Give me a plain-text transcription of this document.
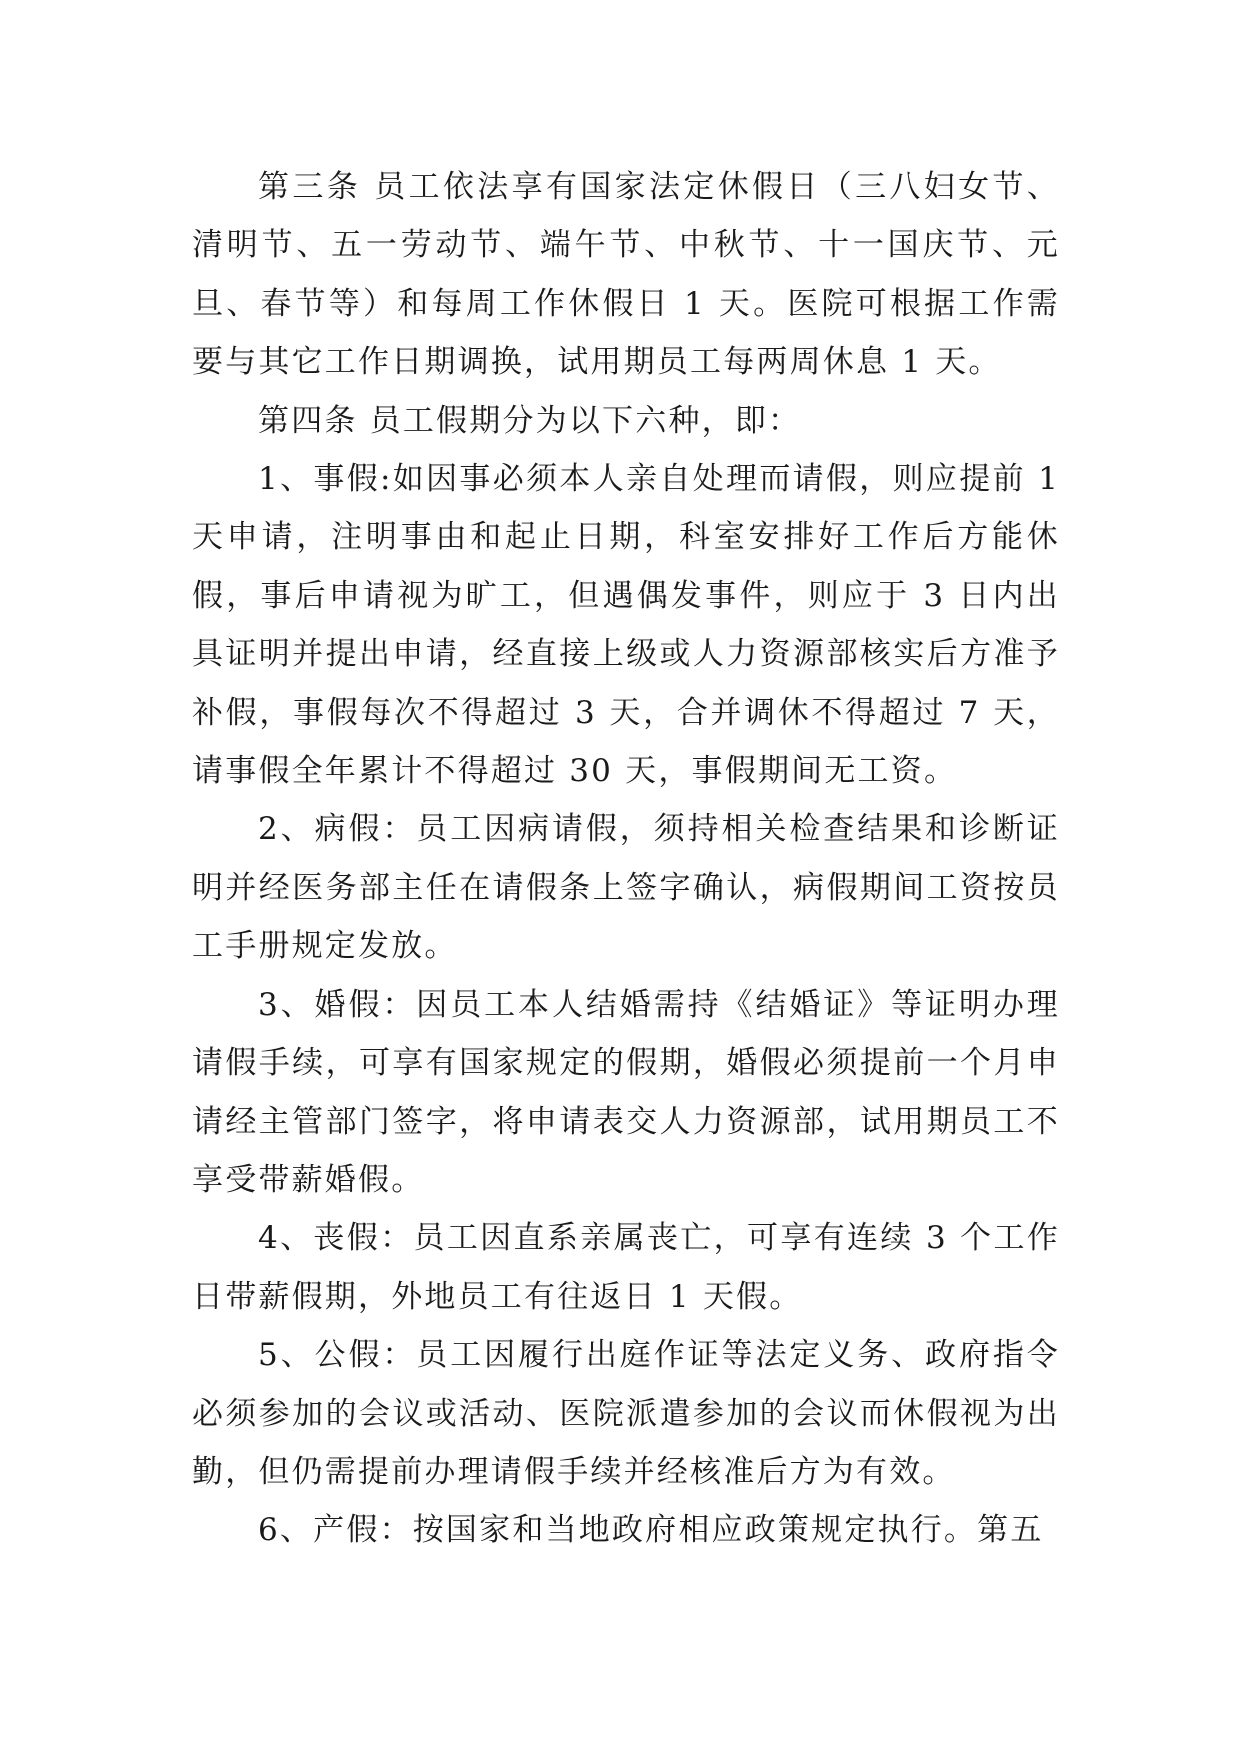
第三条 员工依法享有国家法定休假日（三八妇女节、清明节、五一劳动节、端午节、中秋节、十一国庆节、元旦、春节等）和每周工作休假日 1 天。医院可根据工作需要与其它工作日期调换，试用期员工每两周休息 1 天。

第四条 员工假期分为以下六种，即：

1、事假:如因事必须本人亲自处理而请假，则应提前 1 天申请，注明事由和起止日期，科室安排好工作后方能休假，事后申请视为旷工，但遇偶发事件，则应于 3 日内出具证明并提出申请，经直接上级或人力资源部核实后方准予补假，事假每次不得超过 3 天，合并调休不得超过 7 天，请事假全年累计不得超过 30 天，事假期间无工资。

2、病假：员工因病请假，须持相关检查结果和诊断证明并经医务部主任在请假条上签字确认，病假期间工资按员工手册规定发放。

3、婚假：因员工本人结婚需持《结婚证》等证明办理请假手续，可享有国家规定的假期，婚假必须提前一个月申请经主管部门签字，将申请表交人力资源部，试用期员工不享受带薪婚假。

4、丧假：员工因直系亲属丧亡，可享有连续 3 个工作日带薪假期，外地员工有往返日 1 天假。

5、公假：员工因履行出庭作证等法定义务、政府指令必须参加的会议或活动、医院派遣参加的会议而休假视为出勤，但仍需提前办理请假手续并经核准后方为有效。

6、产假：按国家和当地政府相应政策规定执行。第五
